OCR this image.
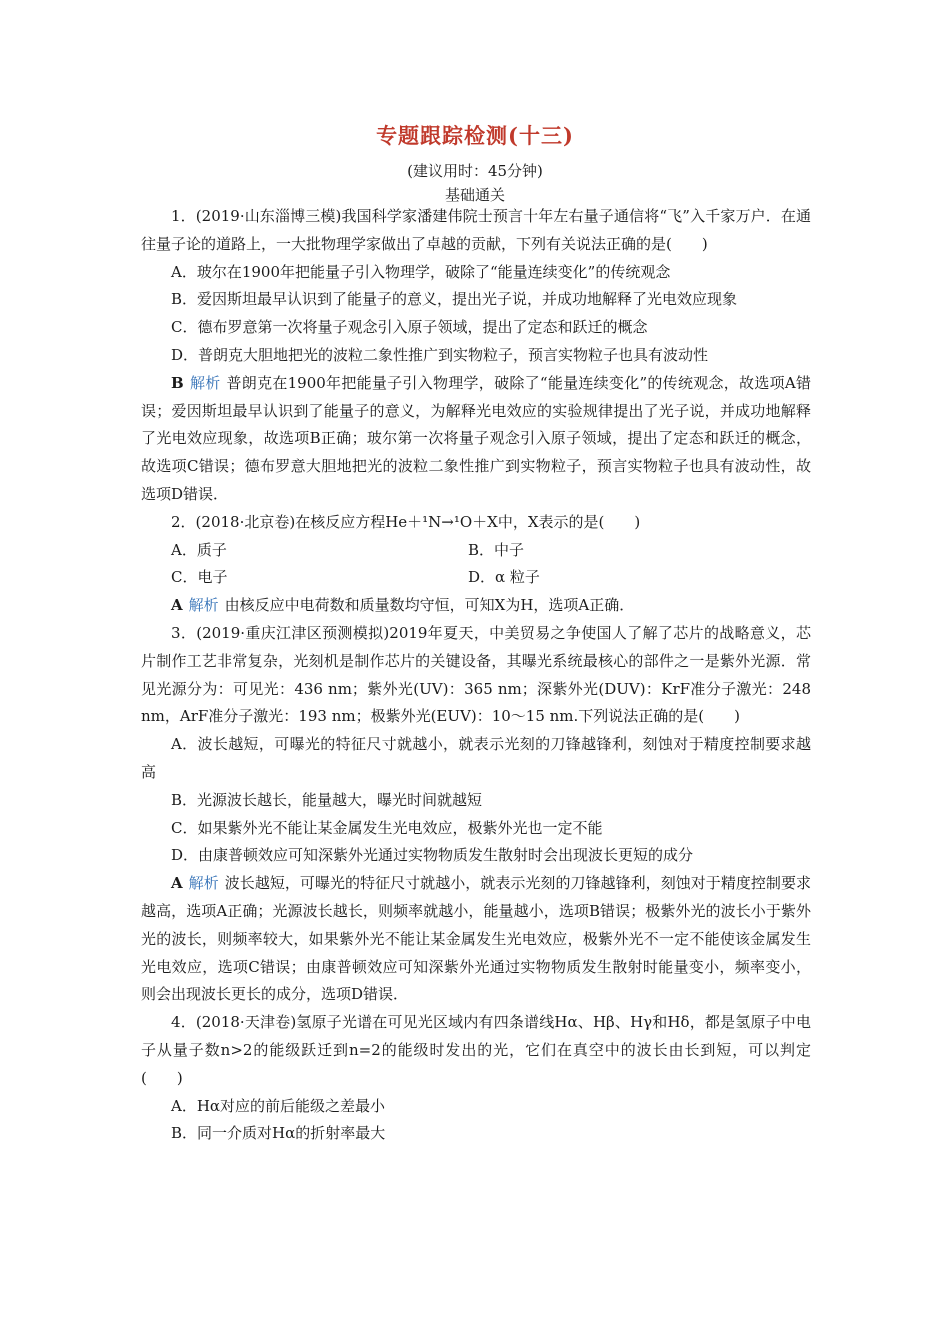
专题跟踪检测(十三)
(建议用时：45分钟)
基础通关

1．(2019·山东淄博三模)我国科学家潘建伟院士预言十年左右量子通信将“飞”入千家万户．在通往量子论的道路上，一大批物理学家做出了卓越的贡献，下列有关说法正确的是(　　)

A．玻尔在1900年把能量子引入物理学，破除了“能量连续变化”的传统观念

B．爱因斯坦最早认识到了能量子的意义，提出光子说，并成功地解释了光电效应现象

C．德布罗意第一次将量子观念引入原子领域，提出了定态和跃迁的概念

D．普朗克大胆地把光的波粒二象性推广到实物粒子，预言实物粒子也具有波动性

B 解析 普朗克在1900年把能量子引入物理学，破除了“能量连续变化”的传统观念，故选项A错误；爱因斯坦最早认识到了能量子的意义，为解释光电效应的实验规律提出了光子说，并成功地解释了光电效应现象，故选项B正确；玻尔第一次将量子观念引入原子领域，提出了定态和跃迁的概念，故选项C错误；德布罗意大胆地把光的波粒二象性推广到实物粒子，预言实物粒子也具有波动性，故选项D错误．

2．(2018·北京卷)在核反应方程He＋¹N→¹O＋X中，X表示的是(　　)

A．质子	B．中子
C．电子	D．α 粒子

A 解析 由核反应中电荷数和质量数均守恒，可知X为H，选项A正确．

3．(2019·重庆江津区预测模拟)2019年夏天，中美贸易之争使国人了解了芯片的战略意义，芯片制作工艺非常复杂，光刻机是制作芯片的关键设备，其曝光系统最核心的部件之一是紫外光源．常见光源分为：可见光：436 nm；紫外光(UV)：365 nm；深紫外光(DUV)：KrF准分子激光：248 nm，ArF准分子激光：193 nm；极紫外光(EUV)：10～15 nm.下列说法正确的是(　　)

A．波长越短，可曝光的特征尺寸就越小，就表示光刻的刀锋越锋利，刻蚀对于精度控制要求越高

B．光源波长越长，能量越大，曝光时间就越短

C．如果紫外光不能让某金属发生光电效应，极紫外光也一定不能

D．由康普顿效应可知深紫外光通过实物物质发生散射时会出现波长更短的成分

A 解析 波长越短，可曝光的特征尺寸就越小，就表示光刻的刀锋越锋利，刻蚀对于精度控制要求越高，选项A正确；光源波长越长，则频率就越小，能量越小，选项B错误；极紫外光的波长小于紫外光的波长，则频率较大，如果紫外光不能让某金属发生光电效应，极紫外光不一定不能使该金属发生光电效应，选项C错误；由康普顿效应可知深紫外光通过实物物质发生散射时能量变小，频率变小，则会出现波长更长的成分，选项D错误．

4．(2018·天津卷)氢原子光谱在可见光区域内有四条谱线Hα、Hβ、Hγ和Hδ，都是氢原子中电子从量子数n>2的能级跃迁到n=2的能级时发出的光，它们在真空中的波长由长到短，可以判定(　　)

A．Hα对应的前后能级之差最小

B．同一介质对Hα的折射率最大
